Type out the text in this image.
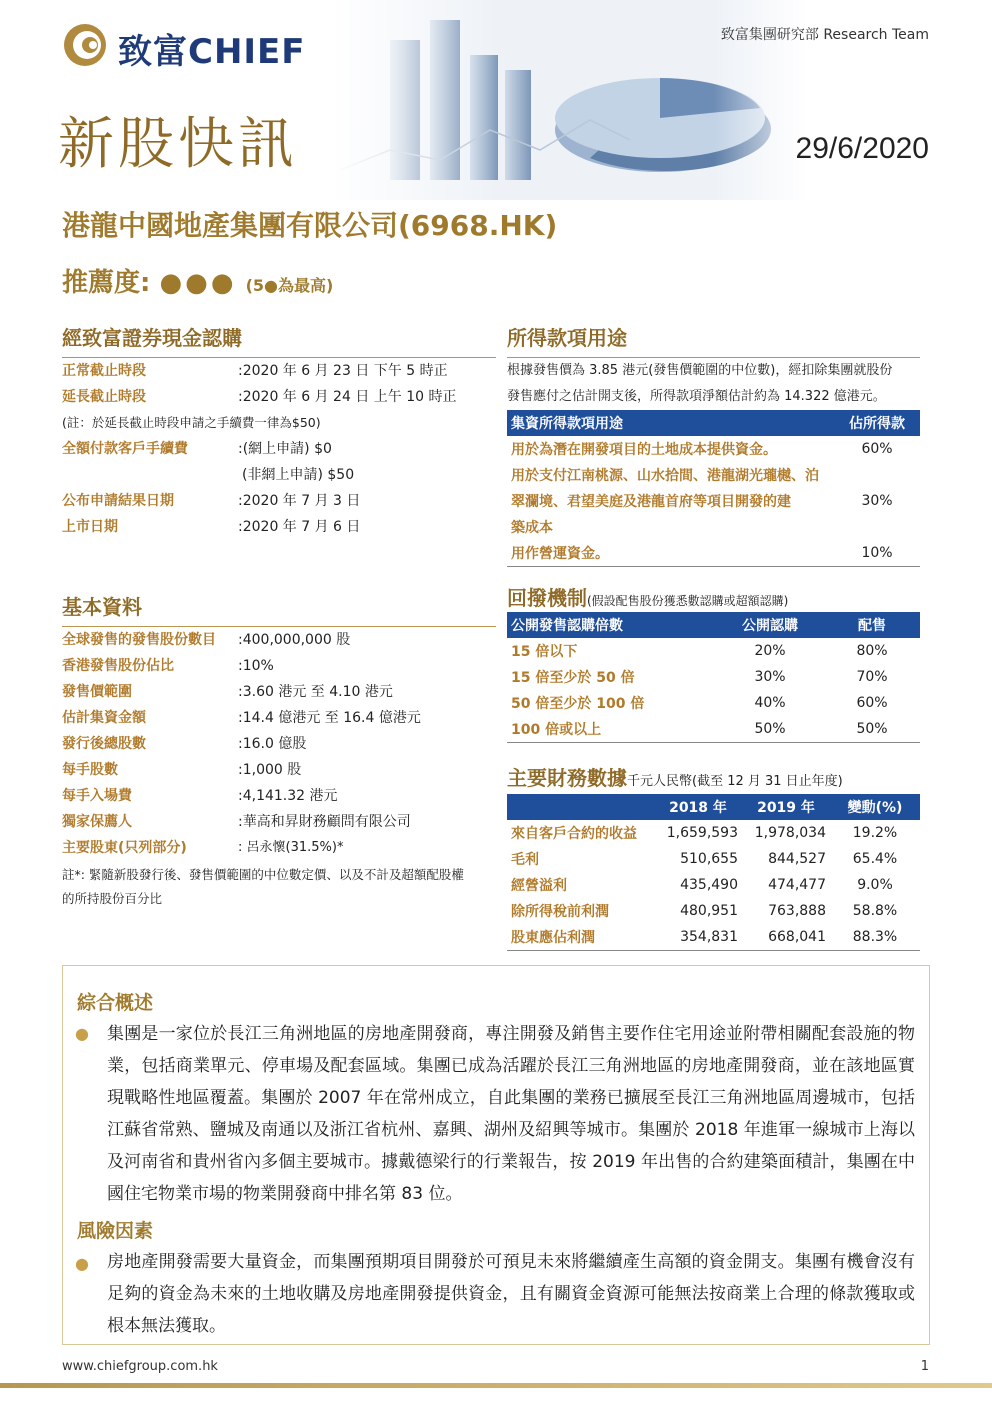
致富CHIEF	致富集團研究部 Research Team
新股快訊	29/6/2020
港龍中國地產集團有限公司(6968.HK)
推薦度: ●●● (5●為最高)
經致富證券現金認購
正常截止時段	:2020 年 6 月 23 日 下午 5 時正
延長截止時段	:2020 年 6 月 24 日 上午 10 時正
(註：於延長截止時段申請之手續費一律為$50)
全額付款客戶手續費	:(網上申請) $0
(非網上申請) $50
公布申請結果日期	:2020 年 7 月 3 日
上市日期	:2020 年 7 月 6 日
基本資料
全球發售的發售股份數目 :400,000,000 股
香港發售股份佔比	:10%
發售價範圍	:3.60 港元 至 4.10 港元
估計集資金額	:14.4 億港元 至 16.4 億港元
發行後總股數	:16.0 億股
每手股數	:1,000 股
每手入場費	:4,141.32 港元
獨家保薦人	:華高和昇財務顧問有限公司
主要股東(只列部分)	: 呂永懷(31.5%)*
註*: 緊隨新股發行後、發售價範圍的中位數定價、以及不計及超額配股權
的所持股份百分比
所得款項用途
根據發售價為 3.85 港元(發售價範圍的中位數)，經扣除集團就股份
發售應付之估計開支後，所得款項淨額估計約為 14.322 億港元。
集資所得款項用途	佔所得款
用於為潛在開發項目的土地成本提供資金。	60%
用於支付江南桃源、山水拾間、港龍湖光瓏樾、泊	
翠瀾境、君望美庭及港龍首府等項目開發的建	30%
築成本	
用作營運資金。	10%
回撥機制(假設配售股份獲悉數認購或超額認購)
公開發售認購倍數	公開認購	配售
15 倍以下	20%	80%
15 倍至少於 50 倍	30%	70%
50 倍至少於 100 倍	40%	60%
100 倍或以上	50%	50%
主要財務數據千元人民幣(截至 12 月 31 日止年度)
	2018 年	2019 年	變動(%)
來自客戶合約的收益	1,659,593	1,978,034	19.2%
毛利	510,655	844,527	65.4%
經營溢利	435,490	474,477	9.0%
除所得稅前利潤	480,951	763,888	58.8%
股東應佔利潤	354,831	668,041	88.3%
綜合概述
● 集團是一家位於長江三角洲地區的房地產開發商，專注開發及銷售主要作住宅用途並附帶相關配套設施的物業，包括商業單元、停車場及配套區域。集團已成為活躍於長江三角洲地區的房地產開發商，並在該地區實現戰略性地區覆蓋。集團於 2007 年在常州成立，自此集團的業務已擴展至長江三角洲地區周邊城市，包括江蘇省常熟、鹽城及南通以及浙江省杭州、嘉興、湖州及紹興等城市。集團於 2018 年進軍一線城市上海以及河南省和貴州省內多個主要城市。據戴德梁行的行業報告，按 2019 年出售的合約建築面積計，集團在中國住宅物業市場的物業開發商中排名第 83 位。
風險因素
● 房地產開發需要大量資金，而集團預期項目開發於可預見未來將繼續產生高額的資金開支。集團有機會沒有足夠的資金為未來的土地收購及房地產開發提供資金，且有關資金資源可能無法按商業上合理的條款獲取或根本無法獲取。
www.chiefgroup.com.hk	1
